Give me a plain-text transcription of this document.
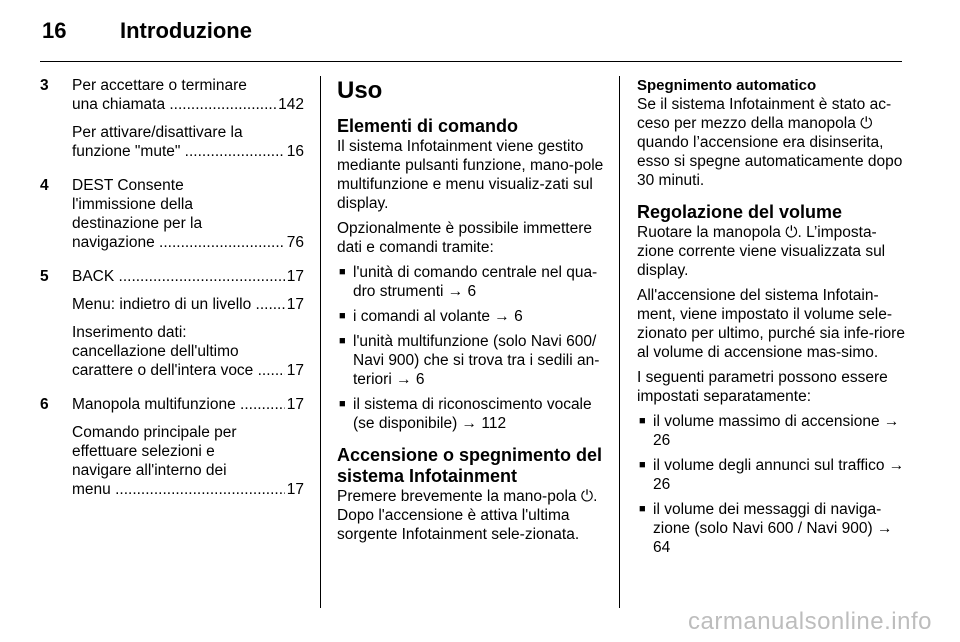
16 Introduzione
3 Per accettare o terminare
una chiamata .....	142
Per attivare/disattivare la
funzione "mute" .....	16
4 DEST Consente
l'immissione della
destinazione per la
navigazione .....	76
5 BACK .....	17
Menu: indietro di un livello .....	17
Inserimento dati:
cancellazione dell'ultimo
carattere o dell'intera voce .....	17
6 Manopola multifunzione .....	17
Comando principale per
effettuare selezioni e
navigare all'interno dei
menu .....	17
Uso
Elementi di comando

Il sistema Infotainment viene gestito mediante pulsanti funzione, mano-pole multifunzione e menu visualiz-zati sul display.

Opzionalmente è possibile immettere dati e comandi tramite:

■ l'unità di comando centrale nel qua-dro strumenti → 6
■ i comandi al volante → 6
■ l'unità multifunzione (solo Navi 600/ Navi 900) che si trova tra i sedili an-teriori → 6
■ il sistema di riconoscimento vocale (se disponibile) → 112
Accensione o spegnimento del sistema Infotainment

Premere brevemente la mano-pola ⏻. Dopo l'accensione è attiva l'ultima sorgente Infotainment sele-zionata.

Spegnimento automatico

Se il sistema Infotainment è stato ac-ceso per mezzo della manopola ⏻ quando l’accensione era disinserita, esso si spegne automaticamente dopo 30 minuti.

Regolazione del volume

Ruotare la manopola ⏻. L’imposta-zione corrente viene visualizzata sul display.

All'accensione del sistema Infotain-ment, viene impostato il volume sele-zionato per ultimo, purché sia infe-riore al volume di accensione mas-simo.

I seguenti parametri possono essere impostati separatamente:

■ il volume massimo di accensione → 26
■ il volume degli annunci sul traffico → 26
■ il volume dei messaggi di naviga-zione (solo Navi 600 / Navi 900) → 64
carmanualsonline.info
